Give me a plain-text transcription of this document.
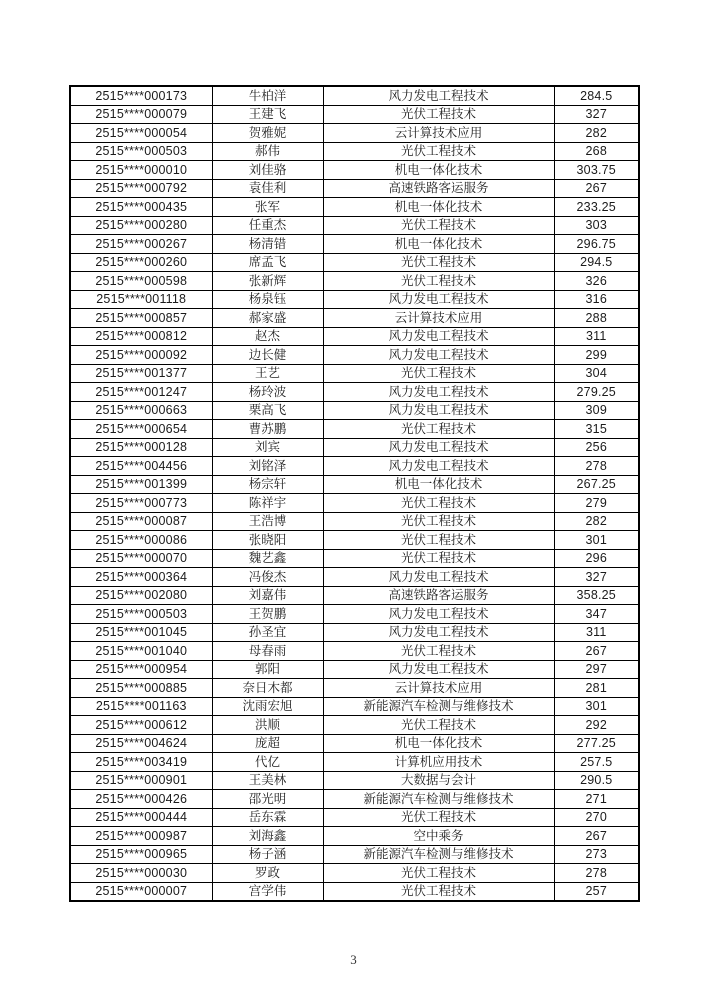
2515****000173	牛柏洋	风力发电工程技术	284.5
2515****000079	王建飞	光伏工程技术	327
2515****000054	贺雅妮	云计算技术应用	282
2515****000503	郝伟	光伏工程技术	268
2515****000010	刘佳骆	机电一体化技术	303.75
2515****000792	袁佳利	高速铁路客运服务	267
2515****000435	张军	机电一体化技术	233.25
2515****000280	任重杰	光伏工程技术	303
2515****000267	杨清错	机电一体化技术	296.75
2515****000260	席孟飞	光伏工程技术	294.5
2515****000598	张新辉	光伏工程技术	326
2515****001118	杨泉钰	风力发电工程技术	316
2515****000857	郝家盛	云计算技术应用	288
2515****000812	赵杰	风力发电工程技术	311
2515****000092	边长健	风力发电工程技术	299
2515****001377	王艺	光伏工程技术	304
2515****001247	杨玲波	风力发电工程技术	279.25
2515****000663	栗高飞	风力发电工程技术	309
2515****000654	曹苏鹏	光伏工程技术	315
2515****000128	刘宾	风力发电工程技术	256
2515****004456	刘铭泽	风力发电工程技术	278
2515****001399	杨宗轩	机电一体化技术	267.25
2515****000773	陈祥宇	光伏工程技术	279
2515****000087	王浩博	光伏工程技术	282
2515****000086	张晓阳	光伏工程技术	301
2515****000070	魏艺鑫	光伏工程技术	296
2515****000364	冯俊杰	风力发电工程技术	327
2515****002080	刘嘉伟	高速铁路客运服务	358.25
2515****000503	王贺鹏	风力发电工程技术	347
2515****001045	孙圣宜	风力发电工程技术	311
2515****001040	母春雨	光伏工程技术	267
2515****000954	郭阳	风力发电工程技术	297
2515****000885	奈日木都	云计算技术应用	281
2515****001163	沈雨宏旭	新能源汽车检测与维修技术	301
2515****000612	洪顺	光伏工程技术	292
2515****004624	庞超	机电一体化技术	277.25
2515****003419	代亿	计算机应用技术	257.5
2515****000901	王美林	大数据与会计	290.5
2515****000426	邵光明	新能源汽车检测与维修技术	271
2515****000444	岳东霖	光伏工程技术	270
2515****000987	刘海鑫	空中乘务	267
2515****000965	杨子涵	新能源汽车检测与维修技术	273
2515****000030	罗政	光伏工程技术	278
2515****000007	宫学伟	光伏工程技术	257
3
